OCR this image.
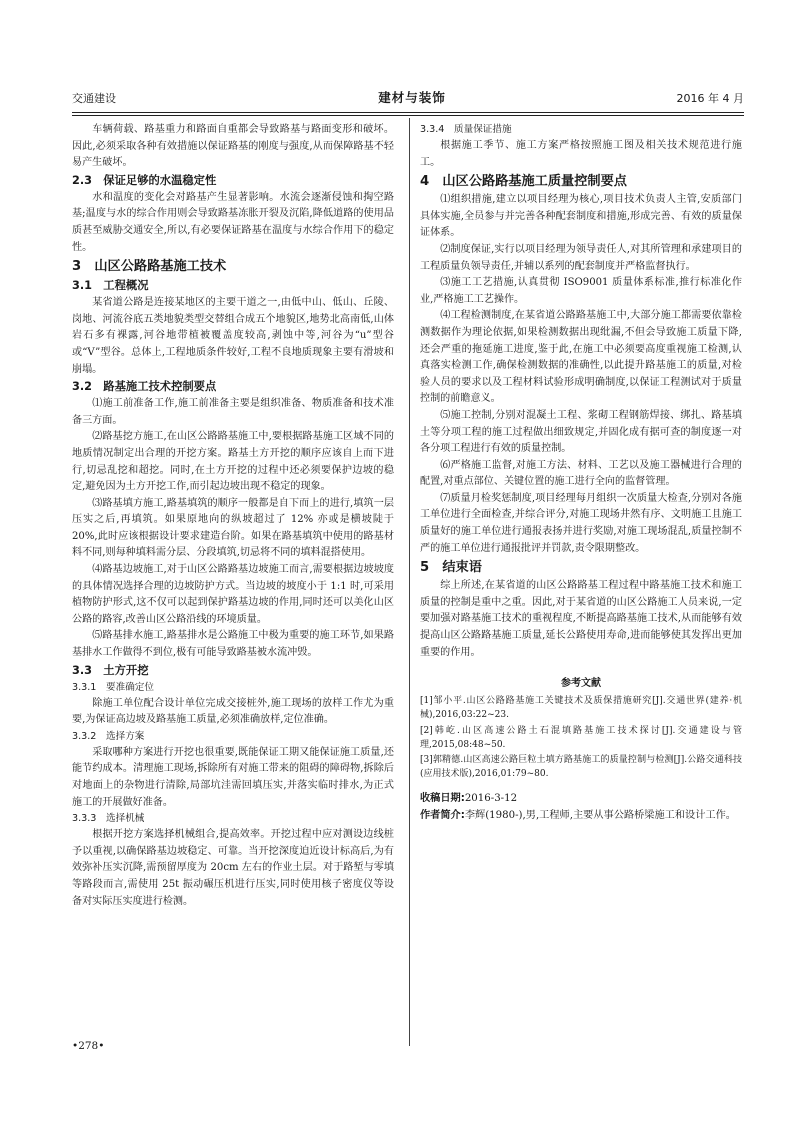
交通建设	建材与装饰	2016 年 4 月

车辆荷载、路基重力和路面自重都会导致路基与路面变形和破坏。因此,必须采取各种有效措施以保证路基的刚度与强度,从而保障路基不轻易产生破坏。

2.3　保证足够的水温稳定性

水和温度的变化会对路基产生显著影响。水流会逐渐侵蚀和掏空路基;温度与水的综合作用则会导致路基冻胀开裂及沉陷,降低道路的使用品质甚至威胁交通安全,所以,有必要保证路基在温度与水综合作用下的稳定性。

3　山区公路路基施工技术
3.1　工程概况

某省道公路是连接某地区的主要干道之一,由低中山、低山、丘陵、岗地、河流谷底五类地貌类型交替组合成五个地貌区,地势北高南低,山体岩石多有裸露,河谷地带植被覆盖度较高,剥蚀中等,河谷为“u”型谷或“V”型谷。总体上,工程地质条件较好,工程不良地质现象主要有滑坡和崩塌。

3.2　路基施工技术控制要点

⑴施工前准备工作,施工前准备主要是组织准备、物质准备和技术准备三方面。

⑵路基挖方施工,在山区公路路基施工中,要根据路基施工区域不同的地质情况制定出合理的开挖方案。路基土方开挖的顺序应该自上而下进行,切忌乱挖和超挖。同时,在土方开挖的过程中还必须要保护边坡的稳定,避免因为土方开挖工作,而引起边坡出现不稳定的现象。

⑶路基填方施工,路基填筑的顺序一般都是自下而上的进行,填筑一层压实之后,再填筑。如果原地向的纵坡超过了 12% 亦或是横坡陡于 20%,此时应该根据设计要求建造台阶。如果在路基填筑中使用的路基材料不同,则每种填料需分层、分段填筑,切忌将不同的填料混搭使用。

⑷路基边坡施工,对于山区公路路基边坡施工而言,需要根据边坡坡度的具体情况选择合理的边坡防护方式。当边坡的坡度小于 1:1 时,可采用植物防护形式,这不仅可以起到保护路基边坡的作用,同时还可以美化山区公路的路容,改善山区公路沿线的环境质量。

⑸路基排水施工,路基排水是公路施工中极为重要的施工环节,如果路基排水工作做得不到位,极有可能导致路基被水流冲毁。

3.3　土方开挖
3.3.1　要准确定位

除施工单位配合设计单位完成交接桩外,施工现场的放样工作尤为重要,为保证高边坡及路基施工质量,必须准确放样,定位准确。

3.3.2　选择方案

采取哪种方案进行开挖也很重要,既能保证工期又能保证施工质量,还能节约成本。清理施工现场,拆除所有对施工带来的阻碍的障碍物,拆除后对地面上的杂物进行清除,局部坑洼需回填压实,并落实临时排水,为正式施工的开展做好准备。

3.3.3　选择机械

根据开挖方案选择机械组合,提高效率。开挖过程中应对测设边线桩予以重视,以确保路基边坡稳定、可靠。当开挖深度迫近设计标高后,为有效弥补压实沉降,需预留厚度为 20cm 左右的作业土层。对于路堑与零填等路段而言,需使用 25t 振动碾压机进行压实,同时使用核子密度仪等设备对实际压实度进行检测。

3.3.4　质量保证措施

根据施工季节、施工方案严格按照施工图及相关技术规范进行施工。

4　山区公路路基施工质量控制要点

⑴组织措施,建立以项目经理为核心,项目技术负责人主管,安质部门具体实施,全员参与并完善各种配套制度和措施,形成完善、有效的质量保证体系。

⑵制度保证,实行以项目经理为领导责任人,对其所管理和承建项目的工程质量负领导责任,并辅以系列的配套制度并严格监督执行。

⑶施工工艺措施,认真贯彻 ISO9001 质量体系标准,推行标准化作业,严格施工工艺操作。

⑷工程检测制度,在某省道公路路基施工中,大部分施工都需要依靠检测数据作为理论依据,如果检测数据出现纰漏,不但会导致施工质量下降,还会严重的拖延施工进度,鉴于此,在施工中必须要高度重视施工检测,认真落实检测工作,确保检测数据的准确性,以此提升路基施工的质量,对检验人员的要求以及工程材料试验形成明确制度,以保证工程测试对于质量控制的前瞻意义。

⑸施工控制,分别对混凝土工程、浆砌工程钢筋焊接、绑扎、路基填土等分项工程的施工过程做出细致规定,并固化成有据可查的制度逐一对各分项工程进行有效的质量控制。

⑹严格施工监督,对施工方法、材料、工艺以及施工器械进行合理的配置,对重点部位、关键位置的施工进行全向的监督管理。

⑺质量月检奖惩制度,项目经理每月组织一次质量大检查,分别对各施工单位进行全面检查,并综合评分,对施工现场井然有序、文明施工且施工质量好的施工单位进行通报表扬并进行奖励,对施工现场混乱,质量控制不严的施工单位进行通报批评并罚款,责令限期整改。

5　结束语

综上所述,在某省道的山区公路路基工程过程中路基施工技术和施工质量的控制是重中之重。因此,对于某省道的山区公路施工人员来说,一定要加强对路基施工技术的重视程度,不断提高路基施工技术,从而能够有效提高山区公路路基施工质量,延长公路使用寿命,进而能够使其发挥出更加重要的作用。

参考文献

[1]邹小平.山区公路路基施工关键技术及质保措施研究[J].交通世界(建养·机械),2016,03:22~23.

[2]韩屹.山区高速公路土石混填路基施工技术探讨[J].交通建设与管理,2015,08:48~50.

[3]郭精德.山区高速公路巨粒土填方路基施工的质量控制与检测[J].公路交通科技(应用技术版),2016,01:79~80.

收稿日期:2016-3-12
作者简介:李辉(1980-),男,工程师,主要从事公路桥梁施工和设计工作。
•278•
